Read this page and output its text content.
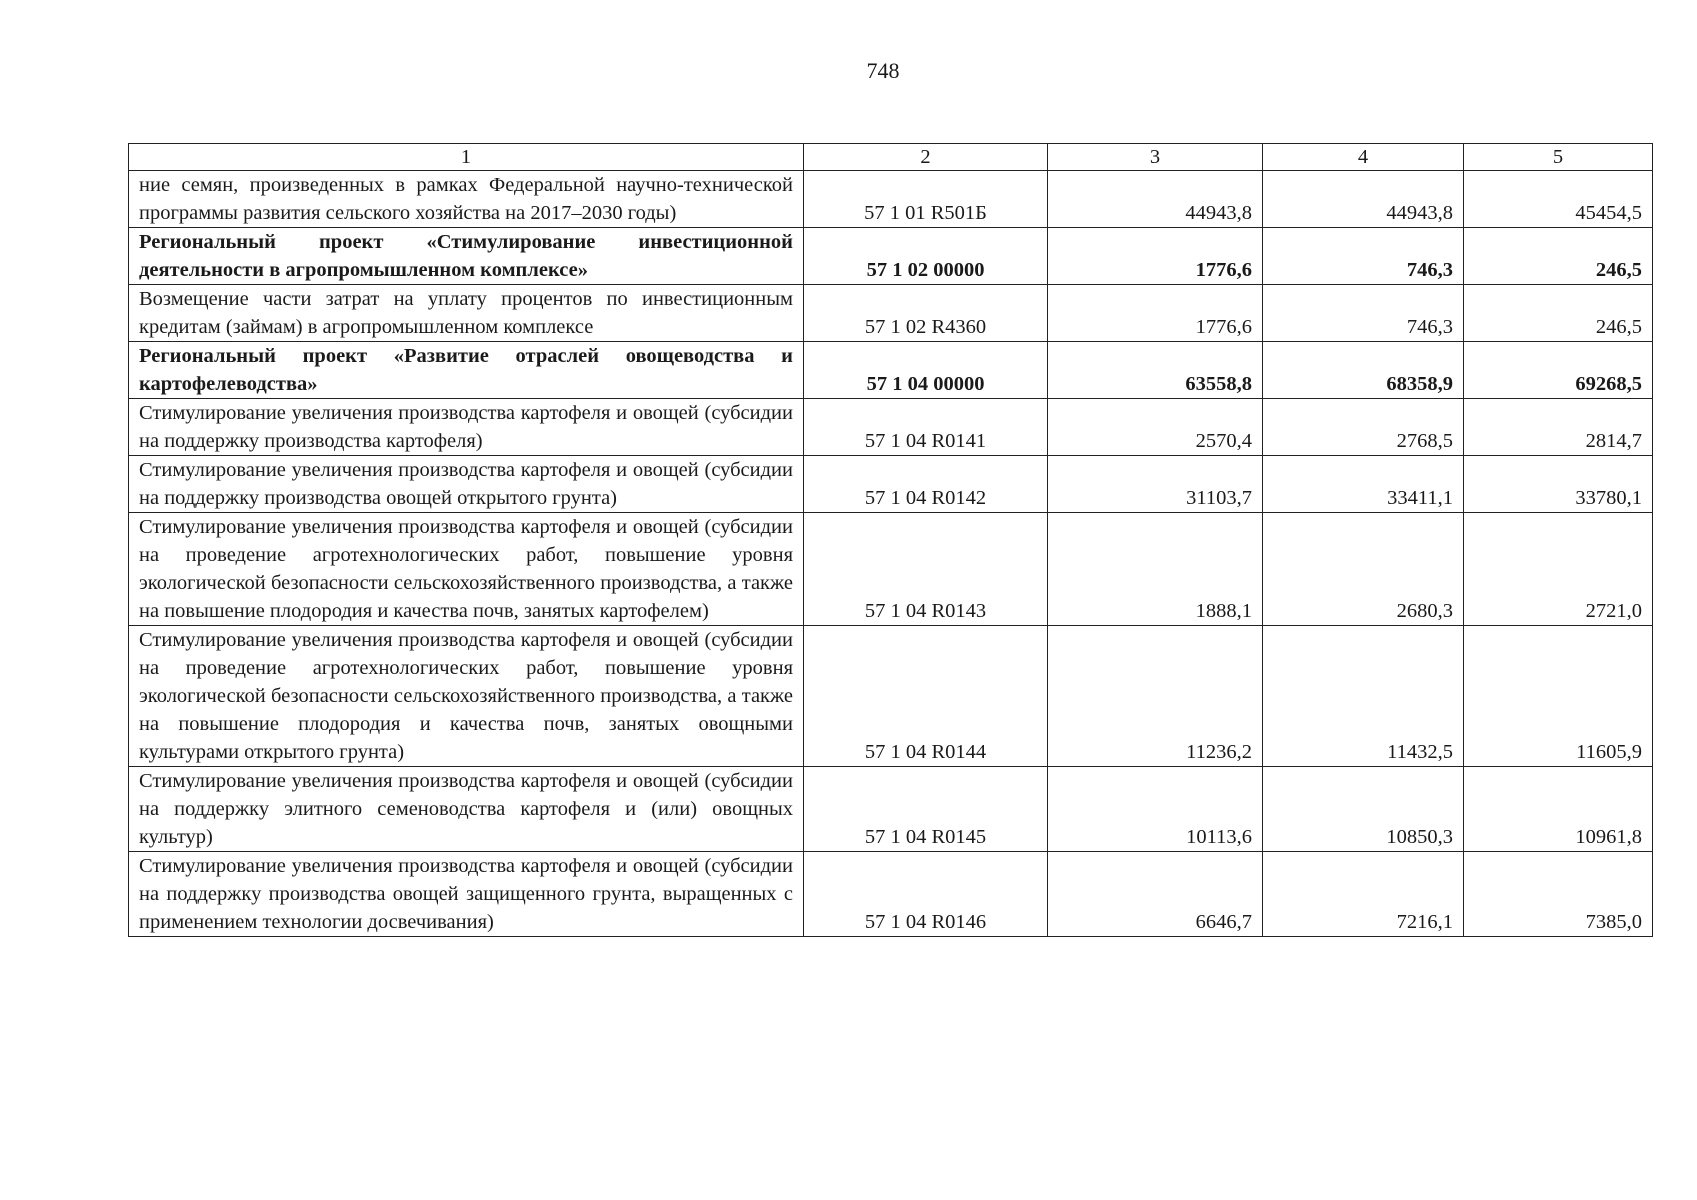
748
1	2	3	4	5
ние семян, произведенных в рамках Федеральной научно-технической программы развития сельского хозяйства на 2017–2030 годы)	57 1 01 R501Б	44943,8	44943,8	45454,5
Региональный проект «Стимулирование инвестиционной деятельности в агропромышленном комплексе»	57 1 02 00000	1776,6	746,3	246,5
Возмещение части затрат на уплату процентов по инвестиционным кредитам (займам) в агропромышленном комплексе	57 1 02 R4360	1776,6	746,3	246,5
Региональный проект «Развитие отраслей овощеводства и картофелеводства»	57 1 04 00000	63558,8	68358,9	69268,5
Стимулирование увеличения производства картофеля и овощей (субсидии на поддержку производства картофеля)	57 1 04 R0141	2570,4	2768,5	2814,7
Стимулирование увеличения производства картофеля и овощей (субсидии на поддержку производства овощей открытого грунта)	57 1 04 R0142	31103,7	33411,1	33780,1
Стимулирование увеличения производства картофеля и овощей (субсидии на проведение агротехнологических работ, повышение уровня экологической безопасности сельскохозяйственного производства, а также на повышение плодородия и качества почв, занятых картофелем)	57 1 04 R0143	1888,1	2680,3	2721,0
Стимулирование увеличения производства картофеля и овощей (субсидии на проведение агротехнологических работ, повышение уровня экологической безопасности сельскохозяйственного производства, а также на повышение плодородия и качества почв, занятых овощными культурами открытого грунта)	57 1 04 R0144	11236,2	11432,5	11605,9
Стимулирование увеличения производства картофеля и овощей (субсидии на поддержку элитного семеноводства картофеля и (или) овощных культур)	57 1 04 R0145	10113,6	10850,3	10961,8
Стимулирование увеличения производства картофеля и овощей (субсидии на поддержку производства овощей защищенного грунта, выращенных с применением технологии досвечивания)	57 1 04 R0146	6646,7	7216,1	7385,0
